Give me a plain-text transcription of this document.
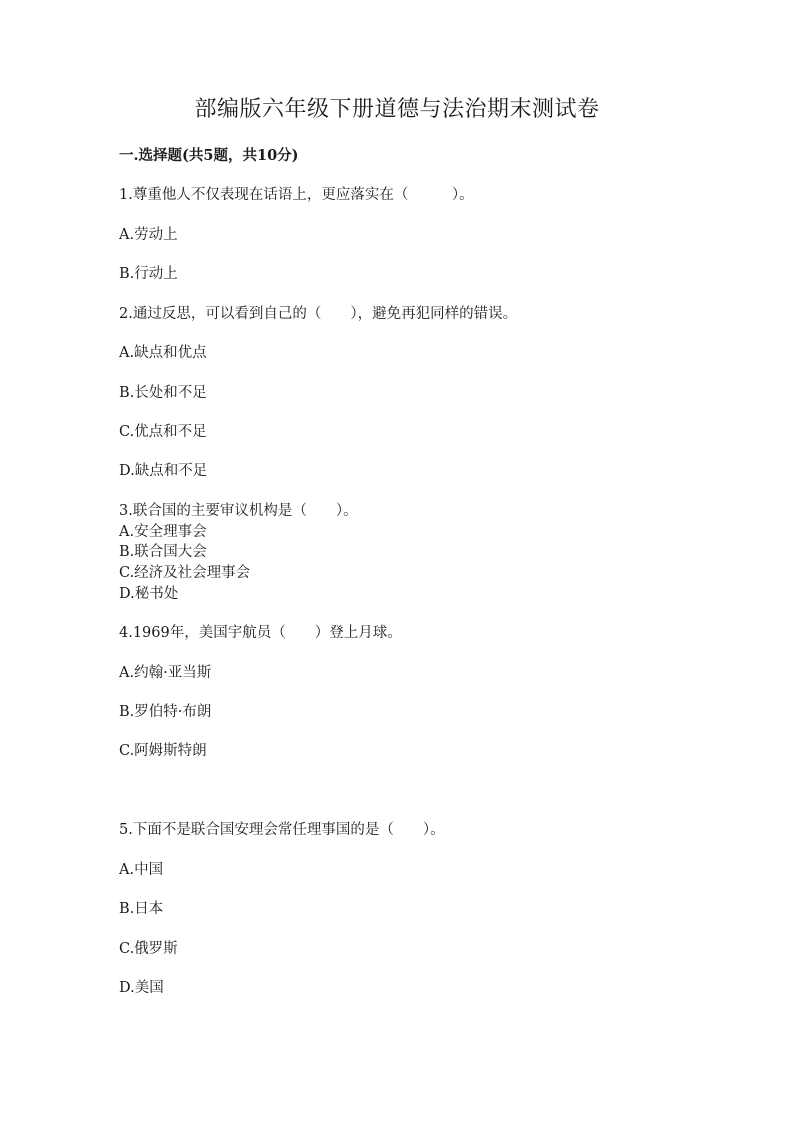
部编版六年级下册道德与法治期末测试卷
一.选择题(共5题，共10分)
1.尊重他人不仅表现在话语上，更应落实在（　　　）。
A.劳动上
B.行动上
2.通过反思，可以看到自己的（　　），避免再犯同样的错误。
A.缺点和优点
B.长处和不足
C.优点和不足
D.缺点和不足
3.联合国的主要审议机构是（　　）。
A.安全理事会
B.联合国大会
C.经济及社会理事会
D.秘书处
4.1969年，美国宇航员（　　）登上月球。
A.约翰·亚当斯
B.罗伯特·布朗
C.阿姆斯特朗
5.下面不是联合国安理会常任理事国的是（　　）。
A.中国
B.日本
C.俄罗斯
D.美国
